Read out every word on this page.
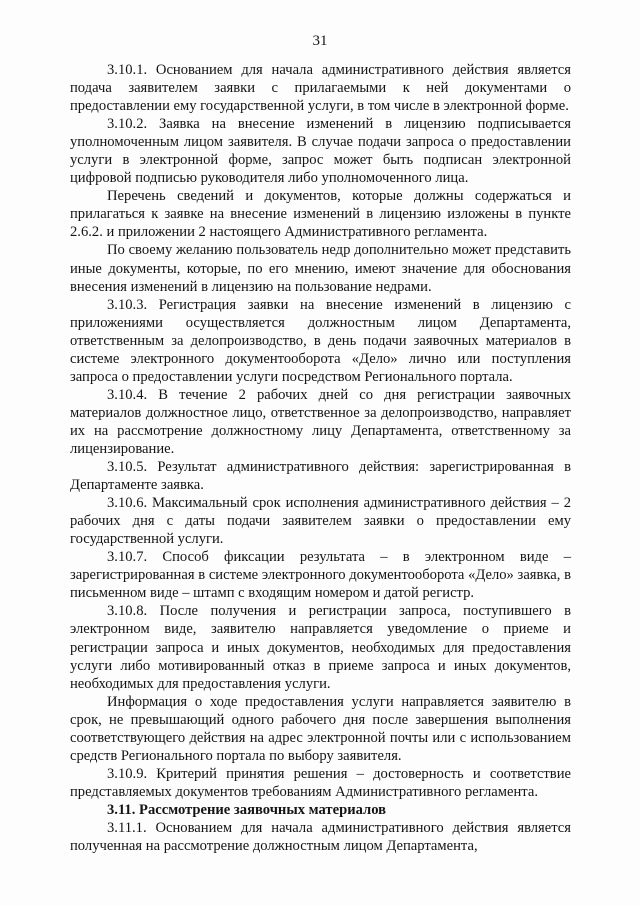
31

3.10.1. Основанием для начала административного действия является подача заявителем заявки с прилагаемыми к ней документами о предоставлении ему государственной услуги, в том числе в электронной форме.

3.10.2. Заявка на внесение изменений в лицензию подписывается уполномоченным лицом заявителя. В случае подачи запроса о предоставлении услуги в электронной форме, запрос может быть подписан электронной цифровой подписью руководителя либо уполномоченного лица.

Перечень сведений и документов, которые должны содержаться и прилагаться к заявке на внесение изменений в лицензию изложены в пункте 2.6.2. и приложении 2 настоящего Административного регламента.

По своему желанию пользователь недр дополнительно может представить иные документы, которые, по его мнению, имеют значение для обоснования внесения изменений в лицензию на пользование недрами.

3.10.3. Регистрация заявки на внесение изменений в лицензию с приложениями осуществляется должностным лицом Департамента, ответственным за делопроизводство, в день подачи заявочных материалов в системе электронного документооборота «Дело» лично или поступления запроса о предоставлении услуги посредством Регионального портала.

3.10.4. В течение 2 рабочих дней со дня регистрации заявочных материалов должностное лицо, ответственное за делопроизводство, направляет их на рассмотрение должностному лицу Департамента, ответственному за лицензирование.

3.10.5. Результат административного действия: зарегистрированная в Департаменте заявка.

3.10.6. Максимальный срок исполнения административного действия – 2 рабочих дня с даты подачи заявителем заявки о предоставлении ему государственной услуги.

3.10.7. Способ фиксации результата – в электронном виде – зарегистрированная в системе электронного документооборота «Дело» заявка, в письменном виде – штамп с входящим номером и датой регистр.

3.10.8. После получения и регистрации запроса, поступившего в электронном виде, заявителю направляется уведомление о приеме и регистрации запроса и иных документов, необходимых для предоставления услуги либо мотивированный отказ в приеме запроса и иных документов, необходимых для предоставления услуги.

Информация о ходе предоставления услуги направляется заявителю в срок, не превышающий одного рабочего дня после завершения выполнения соответствующего действия на адрес электронной почты или с использованием средств Регионального портала по выбору заявителя.

3.10.9. Критерий принятия решения – достоверность и соответствие представляемых документов требованиям Административного регламента.

3.11. Рассмотрение заявочных материалов

3.11.1. Основанием для начала административного действия является полученная на рассмотрение должностным лицом Департамента,
